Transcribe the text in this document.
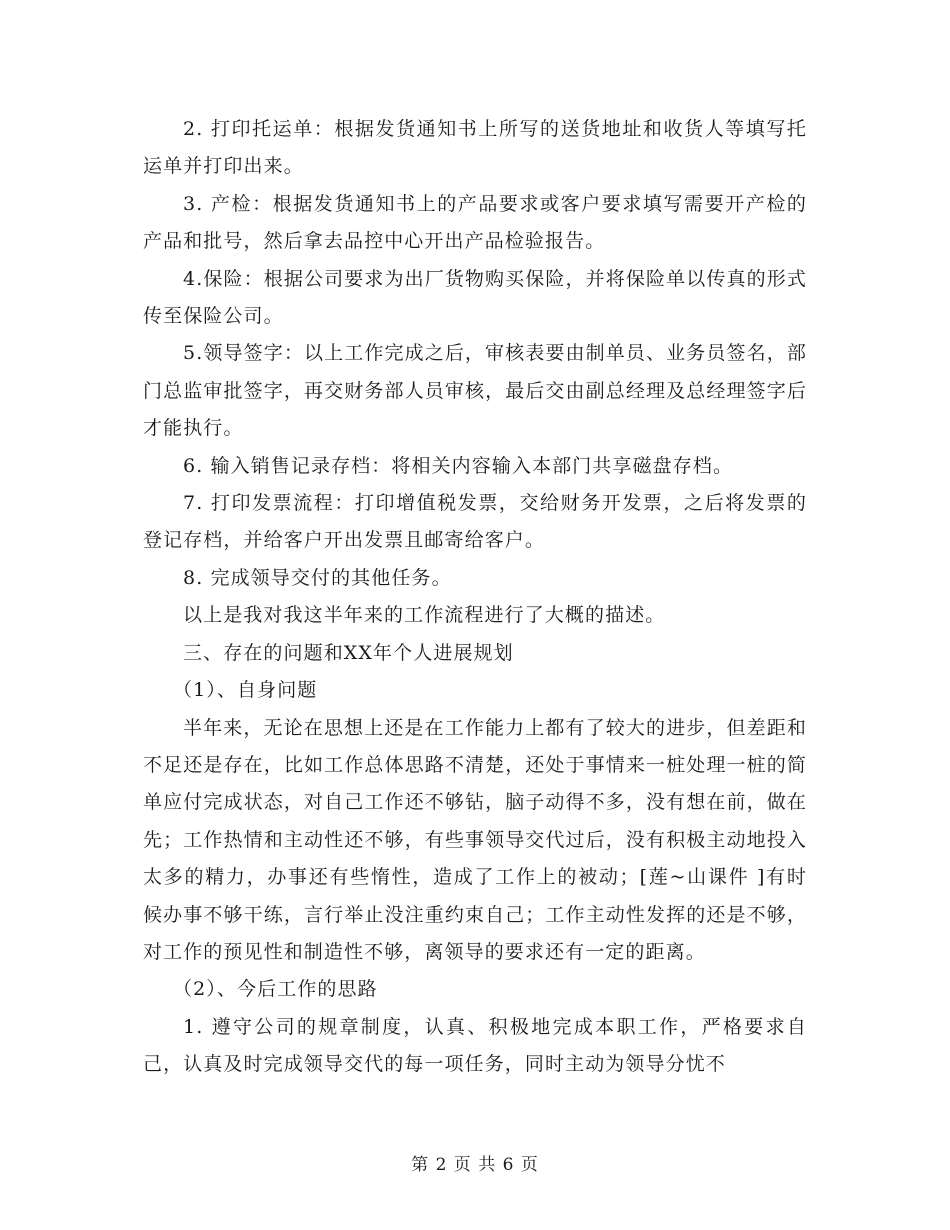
2. 打印托运单：根据发货通知书上所写的送货地址和收货人等填写托运单并打印出来。

3. 产检：根据发货通知书上的产品要求或客户要求填写需要开产检的产品和批号，然后拿去品控中心开出产品检验报告。

4.保险：根据公司要求为出厂货物购买保险，并将保险单以传真的形式传至保险公司。

5.领导签字：以上工作完成之后，审核表要由制单员、业务员签名，部门总监审批签字，再交财务部人员审核，最后交由副总经理及总经理签字后才能执行。

6. 输入销售记录存档：将相关内容输入本部门共享磁盘存档。

7. 打印发票流程：打印增值税发票，交给财务开发票，之后将发票的登记存档，并给客户开出发票且邮寄给客户。

8. 完成领导交付的其他任务。

以上是我对我这半年来的工作流程进行了大概的描述。

三、存在的问题和XX年个人进展规划

（1）、自身问题

半年来，无论在思想上还是在工作能力上都有了较大的进步，但差距和不足还是存在，比如工作总体思路不清楚，还处于事情来一桩处理一桩的简单应付完成状态，对自己工作还不够钻，脑子动得不多，没有想在前，做在先；工作热情和主动性还不够，有些事领导交代过后，没有积极主动地投入太多的精力，办事还有些惰性，造成了工作上的被动；[莲~山课件 ]有时候办事不够干练，言行举止没注重约束自己；工作主动性发挥的还是不够，对工作的预见性和制造性不够，离领导的要求还有一定的距离。

（2）、今后工作的思路

1. 遵守公司的规章制度，认真、积极地完成本职工作，严格要求自己，认真及时完成领导交代的每一项任务，同时主动为领导分忧不

第 2 页 共 6 页
